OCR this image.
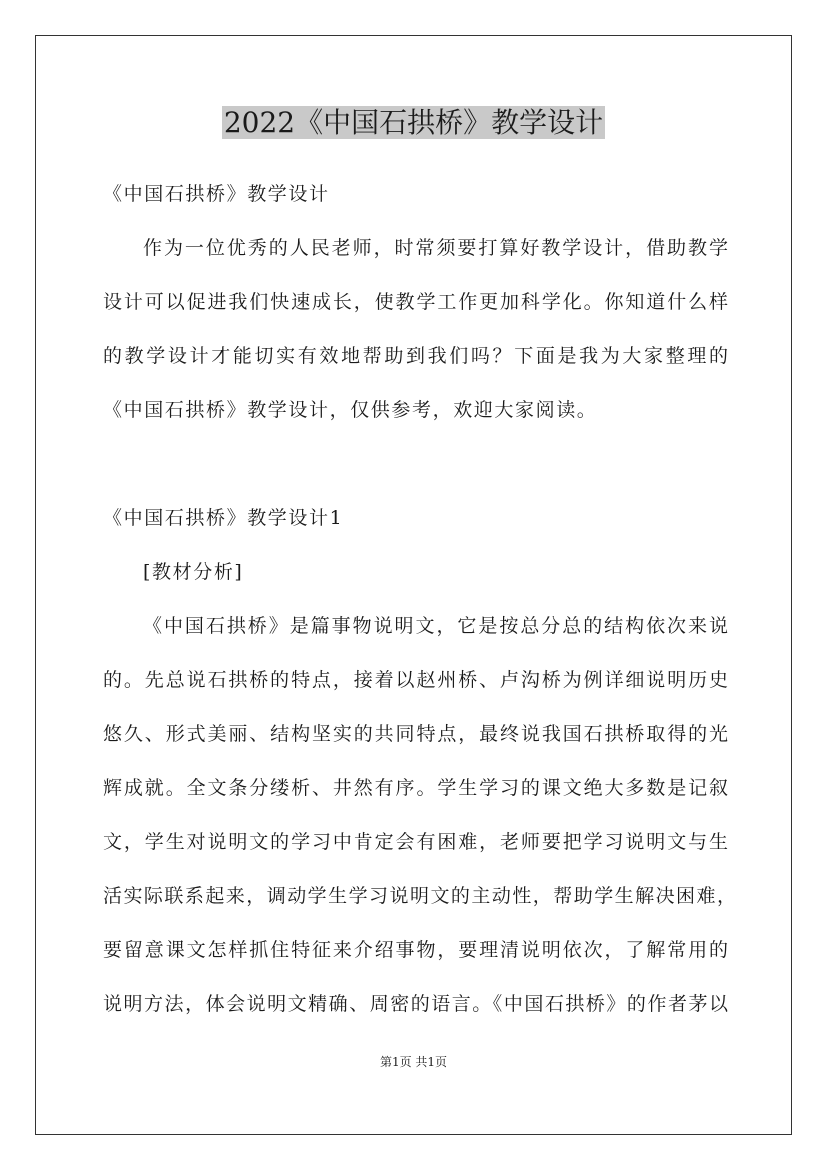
2022《中国石拱桥》教学设计
《中国石拱桥》教学设计
作为一位优秀的人民老师，时常须要打算好教学设计，借助教学
设计可以促进我们快速成长，使教学工作更加科学化。你知道什么样
的教学设计才能切实有效地帮助到我们吗？下面是我为大家整理的
《中国石拱桥》教学设计，仅供参考，欢迎大家阅读。
《中国石拱桥》教学设计1
[教材分析]
《中国石拱桥》是篇事物说明文，它是按总分总的结构依次来说
的。先总说石拱桥的特点，接着以赵州桥、卢沟桥为例详细说明历史
悠久、形式美丽、结构坚实的共同特点，最终说我国石拱桥取得的光
辉成就。全文条分缕析、井然有序。学生学习的课文绝大多数是记叙
文，学生对说明文的学习中肯定会有困难，老师要把学习说明文与生
活实际联系起来，调动学生学习说明文的主动性，帮助学生解决困难，
要留意课文怎样抓住特征来介绍事物，要理清说明依次，了解常用的
说明方法，体会说明文精确、周密的语言。《中国石拱桥》的作者茅以
第1页 共1页
